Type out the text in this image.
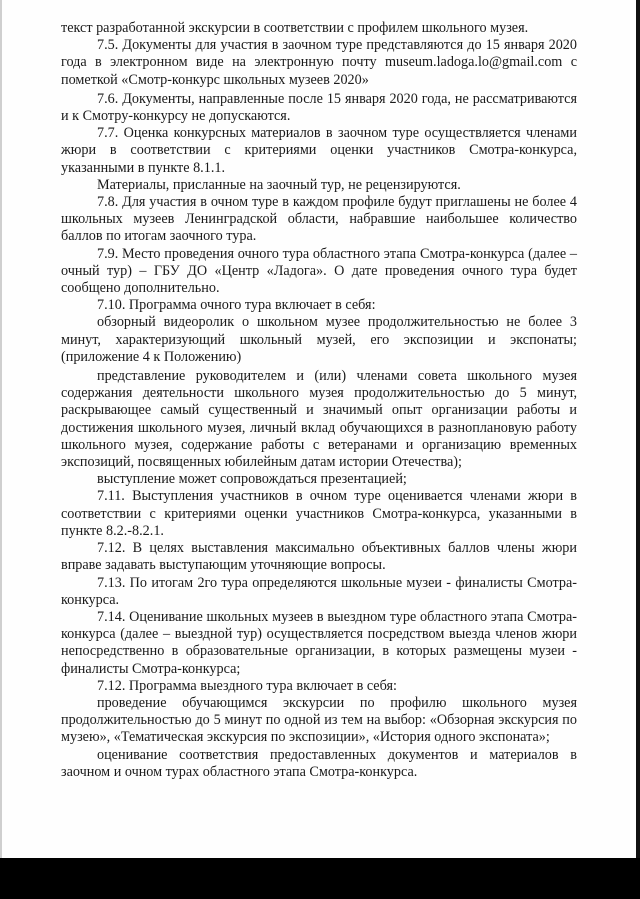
текст разработанной экскурсии в соответствии с профилем школьного музея.

7.5. Документы для участия в заочном туре представляются до 15 января 2020 года в электронном виде на электронную почту museum.ladoga.lo@gmail.com с пометкой «Смотр-конкурс школьных музеев 2020»

7.6. Документы, направленные после 15 января 2020 года, не рассматриваются и к Смотру-конкурсу не допускаются.

7.7. Оценка конкурсных материалов в заочном туре осуществляется членами жюри в соответствии с критериями оценки участников Смотра-конкурса, указанными в пункте 8.1.1.

Материалы, присланные на заочный тур, не рецензируются.

7.8. Для участия в очном туре в каждом профиле будут приглашены не более 4 школьных музеев Ленинградской области, набравшие наибольшее количество баллов по итогам заочного тура.

7.9. Место проведения очного тура областного этапа Смотра-конкурса (далее – очный тур) – ГБУ ДО «Центр «Ладога». О дате проведения очного тура будет сообщено дополнительно.

7.10. Программа очного тура включает в себя:

обзорный видеоролик о школьном музее продолжительностью не более 3 минут, характеризующий школьный музей, его экспозиции и экспонаты; (приложение 4 к Положению)

представление руководителем и (или) членами совета школьного музея содержания деятельности школьного музея продолжительностью до 5 минут, раскрывающее самый существенный и значимый опыт организации работы и достижения школьного музея, личный вклад обучающихся в разноплановую работу школьного музея, содержание работы с ветеранами и организацию временных экспозиций, посвященных юбилейным датам истории Отечества);

выступление может сопровождаться презентацией;

7.11. Выступления участников в очном туре оценивается членами жюри в соответствии с критериями оценки участников Смотра-конкурса, указанными в пункте 8.2.-8.2.1.

7.12. В целях выставления максимально объективных баллов члены жюри вправе задавать выступающим уточняющие вопросы.

7.13. По итогам 2го тура определяются школьные музеи - финалисты Смотра-конкурса.

7.14. Оценивание школьных музеев в выездном туре областного этапа Смотра-конкурса (далее – выездной тур) осуществляется посредством выезда членов жюри непосредственно в образовательные организации, в которых размещены музеи - финалисты Смотра-конкурса;

7.12. Программа выездного тура включает в себя:

проведение обучающимся экскурсии по профилю школьного музея продолжительностью до 5 минут по одной из тем на выбор: «Обзорная экскурсия по музею», «Тематическая экскурсия по экспозиции», «История одного экспоната»;

оценивание соответствия предоставленных документов и материалов в заочном и очном турах областного этапа Смотра-конкурса.
